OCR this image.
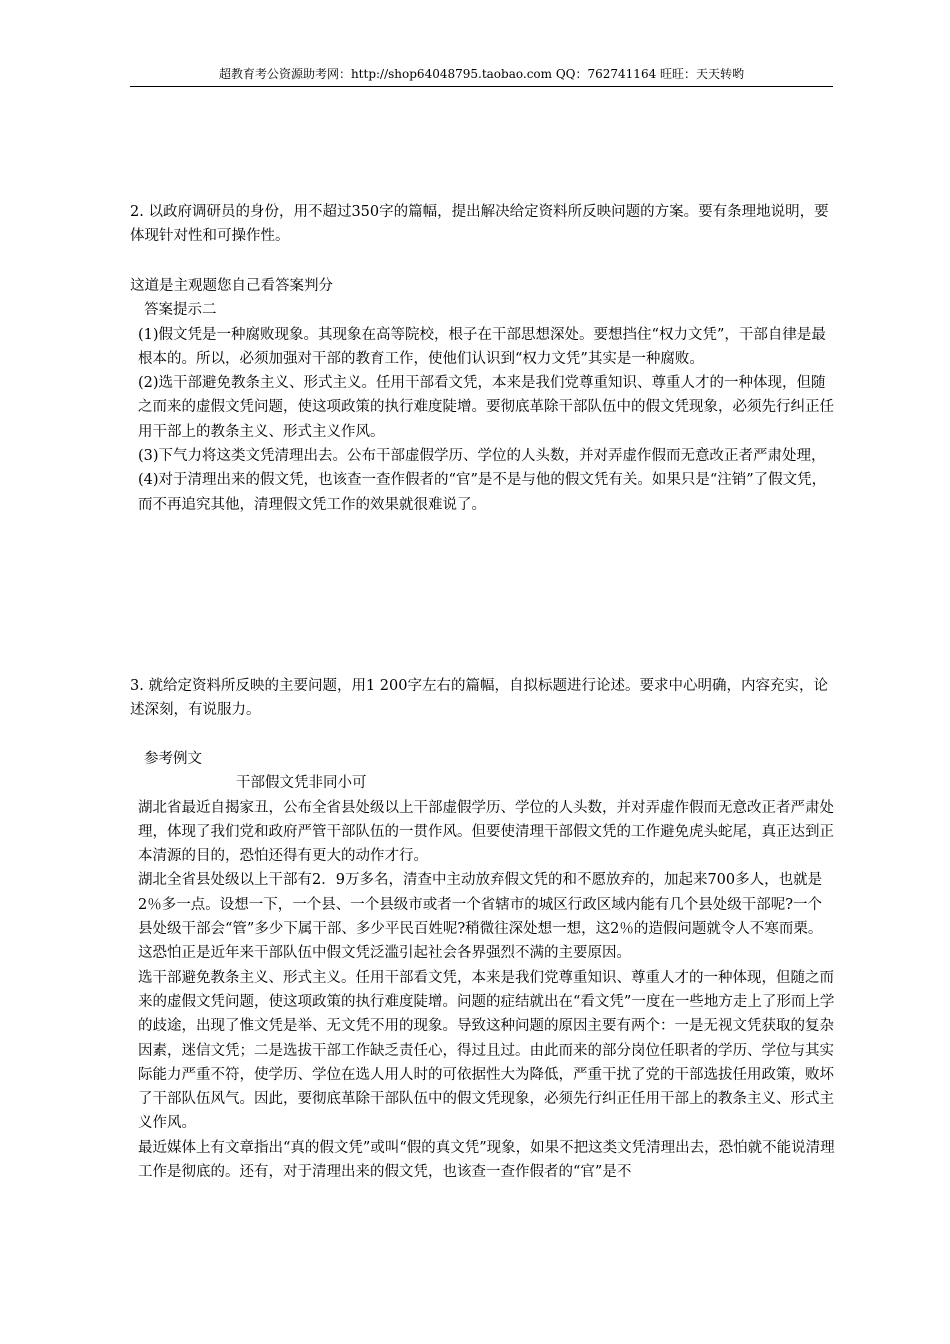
超教育考公资源助考网：http://shop64048795.taobao.com QQ：762741164 旺旺：天天转哟

2. 以政府调研员的身份，用不超过350字的篇幅，提出解决给定资料所反映问题的方案。要有条理地说明，要体现针对性和可操作性。

这道是主观题您自己看答案判分

答案提示二

(1)假文凭是一种腐败现象。其现象在高等院校，根子在干部思想深处。要想挡住“权力文凭”，干部自律是最根本的。所以，必须加强对干部的教育工作，使他们认识到“权力文凭”其实是一种腐败。

(2)选干部避免教条主义、形式主义。任用干部看文凭，本来是我们党尊重知识、尊重人才的一种体现，但随之而来的虚假文凭问题，使这项政策的执行难度陡增。要彻底革除干部队伍中的假文凭现象，必须先行纠正任用干部上的教条主义、形式主义作风。

(3)下气力将这类文凭清理出去。公布干部虚假学历、学位的人头数，并对弄虚作假而无意改正者严肃处理，

(4)对于清理出来的假文凭，也该查一查作假者的“官”是不是与他的假文凭有关。如果只是“注销”了假文凭，而不再追究其他，清理假文凭工作的效果就很难说了。

3. 就给定资料所反映的主要问题，用1 200字左右的篇幅，自拟标题进行论述。要求中心明确，内容充实，论述深刻，有说服力。

参考例文

干部假文凭非同小可

湖北省最近自揭家丑，公布全省县处级以上干部虚假学历、学位的人头数，并对弄虚作假而无意改正者严肃处理，体现了我们党和政府严管干部队伍的一贯作风。但要使清理干部假文凭的工作避免虎头蛇尾，真正达到正本清源的目的，恐怕还得有更大的动作才行。

湖北全省县处级以上干部有2．9万多名，清查中主动放弃假文凭的和不愿放弃的，加起来700多人，也就是2％多一点。设想一下，一个县、一个县级市或者一个省辖市的城区行政区域内能有几个县处级干部呢?一个县处级干部会“管”多少下属干部、多少平民百姓呢?稍微往深处想一想，这2％的造假问题就令人不寒而栗。这恐怕正是近年来干部队伍中假文凭泛滥引起社会各界强烈不满的主要原因。

选干部避免教条主义、形式主义。任用干部看文凭，本来是我们党尊重知识、尊重人才的一种体现，但随之而来的虚假文凭问题，使这项政策的执行难度陡增。问题的症结就出在“看文凭”一度在一些地方走上了形而上学的歧途，出现了惟文凭是举、无文凭不用的现象。导致这种问题的原因主要有两个：一是无视文凭获取的复杂因素，迷信文凭；二是选拔干部工作缺乏责任心，得过且过。由此而来的部分岗位任职者的学历、学位与其实际能力严重不符，使学历、学位在选人用人时的可依据性大为降低，严重干扰了党的干部选拔任用政策，败坏了干部队伍风气。因此，要彻底革除干部队伍中的假文凭现象，必须先行纠正任用干部上的教条主义、形式主义作风。

最近媒体上有文章指出“真的假文凭”或叫“假的真文凭”现象，如果不把这类文凭清理出去，恐怕就不能说清理工作是彻底的。还有，对于清理出来的假文凭，也该查一查作假者的“官”是不
